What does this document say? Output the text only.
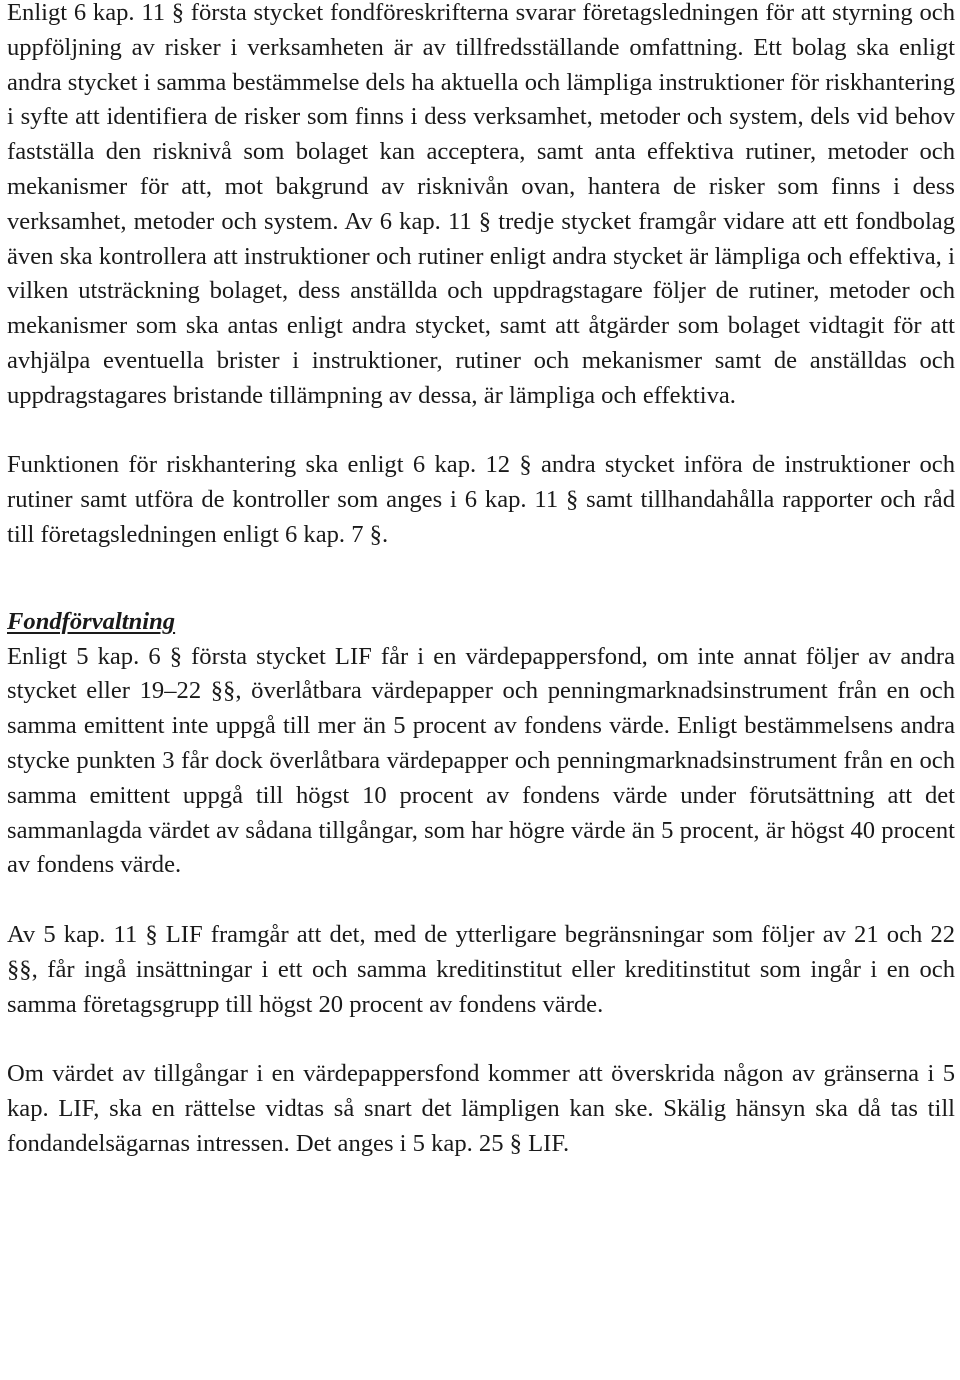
Enligt 6 kap. 11 § första stycket fondföreskrifterna svarar företagsledningen för att styrning och uppföljning av risker i verksamheten är av tillfredsställande omfattning. Ett bolag ska enligt andra stycket i samma bestämmelse dels ha aktuella och lämpliga instruktioner för riskhantering i syfte att identifiera de risker som finns i dess verksamhet, metoder och system, dels vid behov fastställa den risknivå som bolaget kan acceptera, samt anta effektiva rutiner, metoder och mekanismer för att, mot bakgrund av risknivån ovan, hantera de risker som finns i dess verksamhet, metoder och system. Av 6 kap. 11 § tredje stycket framgår vidare att ett fondbolag även ska kontrollera att instruktioner och rutiner enligt andra stycket är lämpliga och effektiva, i vilken utsträckning bolaget, dess anställda och uppdragstagare följer de rutiner, metoder och mekanismer som ska antas enligt andra stycket, samt att åtgärder som bolaget vidtagit för att avhjälpa eventuella brister i instruktioner, rutiner och mekanismer samt de anställdas och uppdragstagares bristande tillämpning av dessa, är lämpliga och effektiva.

Funktionen för riskhantering ska enligt 6 kap. 12 § andra stycket införa de instruktioner och rutiner samt utföra de kontroller som anges i 6 kap. 11 § samt tillhandahålla rapporter och råd till företagsledningen enligt 6 kap. 7 §.

Fondförvaltning

Enligt 5 kap. 6 § första stycket LIF får i en värdepappersfond, om inte annat följer av andra stycket eller 19–22 §§, överlåtbara värdepapper och penningmarknadsinstrument från en och samma emittent inte uppgå till mer än 5 procent av fondens värde. Enligt bestämmelsens andra stycke punkten 3 får dock överlåtbara värdepapper och penningmarknadsinstrument från en och samma emittent uppgå till högst 10 procent av fondens värde under förutsättning att det sammanlagda värdet av sådana tillgångar, som har högre värde än 5 procent, är högst 40 procent av fondens värde.

Av 5 kap. 11 § LIF framgår att det, med de ytterligare begränsningar som följer av 21 och 22 §§, får ingå insättningar i ett och samma kreditinstitut eller kreditinstitut som ingår i en och samma företagsgrupp till högst 20 procent av fondens värde.

Om värdet av tillgångar i en värdepappersfond kommer att överskrida någon av gränserna i 5 kap. LIF, ska en rättelse vidtas så snart det lämpligen kan ske. Skälig hänsyn ska då tas till fondandelsägarnas intressen. Det anges i 5 kap. 25 § LIF.
